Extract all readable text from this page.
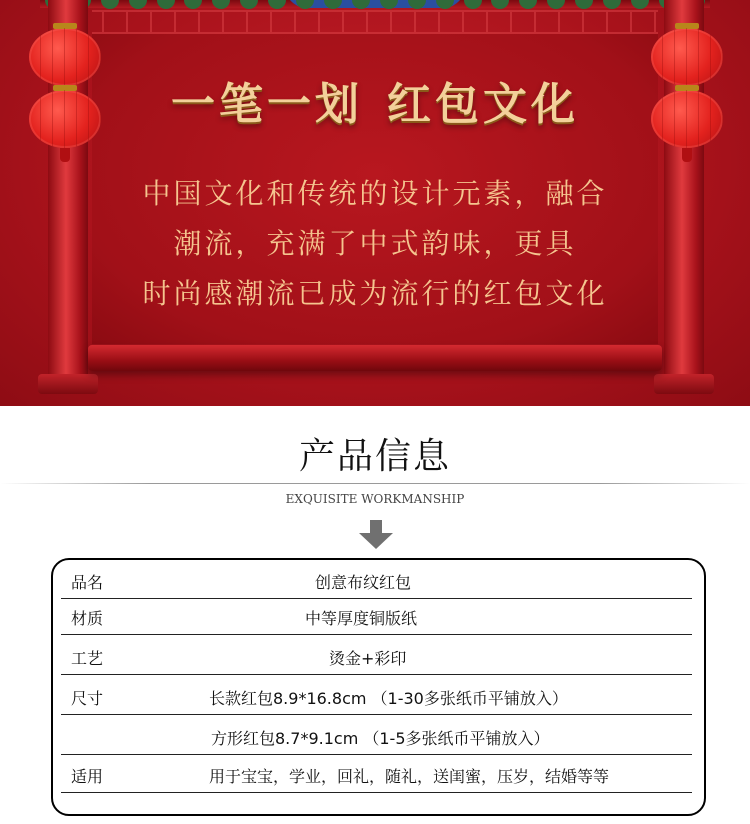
一笔一划 红包文化
中国文化和传统的设计元素，融合
潮流，充满了中式韵味，更具
时尚感潮流已成为流行的红包文化
产品信息
EXQUISITE WORKMANSHIP
品名	创意布纹红包
材质	中等厚度铜版纸
工艺	烫金+彩印
尺寸	长款红包8.9*16.8cm （1-30多张纸币平铺放入）
方形红包8.7*9.1cm （1-5多张纸币平铺放入）
适用	用于宝宝，学业，回礼，随礼，送闺蜜，压岁，结婚等等
